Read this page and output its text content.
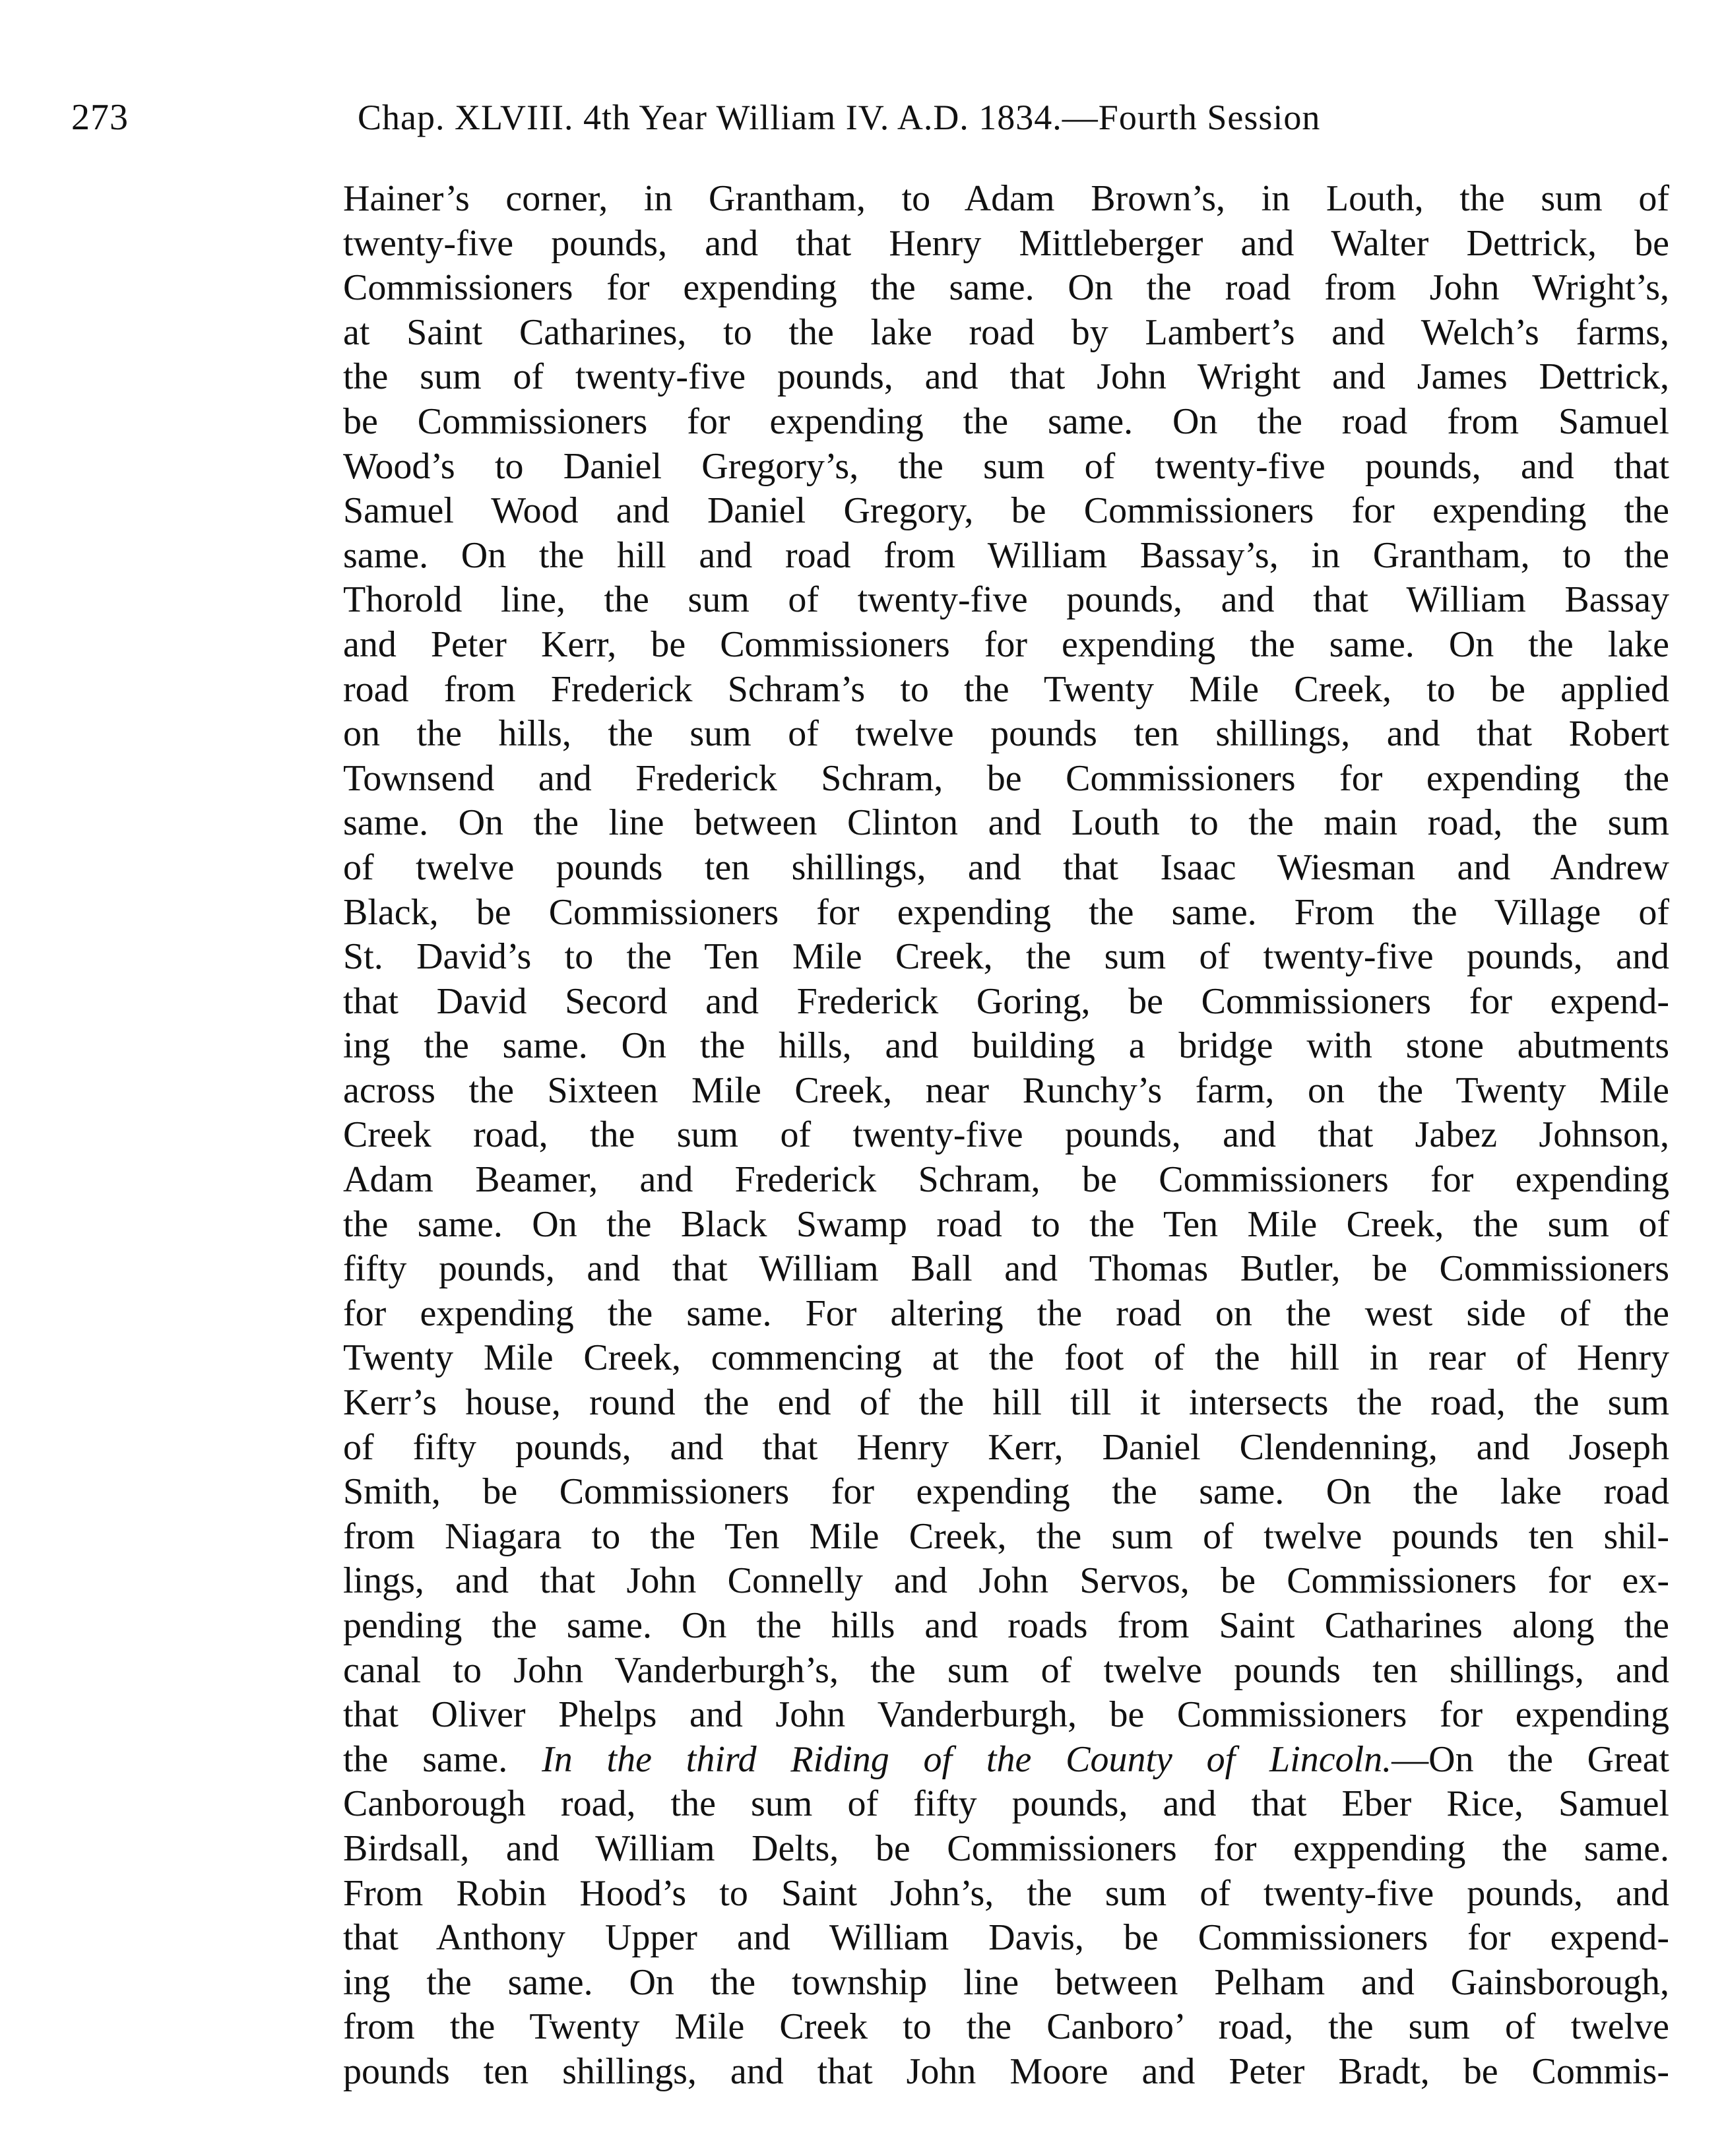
273	Chap. XLVIII. 4th Year William IV. A.D. 1834.—Fourth Session
Hainer’s corner, in Grantham, to Adam Brown’s, in Louth, the sum of
twenty-five pounds, and that Henry Mittleberger and Walter Dettrick, be
Commissioners for expending the same. On the road from John Wright’s,
at Saint Catharines, to the lake road by Lambert’s and Welch’s farms,
the sum of twenty-five pounds, and that John Wright and James Dettrick,
be Commissioners for expending the same. On the road from Samuel
Wood’s to Daniel Gregory’s, the sum of twenty-five pounds, and that
Samuel Wood and Daniel Gregory, be Commissioners for expending the
same. On the hill and road from William Bassay’s, in Grantham, to the
Thorold line, the sum of twenty-five pounds, and that William Bassay
and Peter Kerr, be Commissioners for expending the same. On the lake
road from Frederick Schram’s to the Twenty Mile Creek, to be applied
on the hills, the sum of twelve pounds ten shillings, and that Robert
Townsend and Frederick Schram, be Commissioners for expending the
same. On the line between Clinton and Louth to the main road, the sum
of twelve pounds ten shillings, and that Isaac Wiesman and Andrew
Black, be Commissioners for expending the same. From the Village of
St. David’s to the Ten Mile Creek, the sum of twenty-five pounds, and
that David Secord and Frederick Goring, be Commissioners for expend-
ing the same. On the hills, and building a bridge with stone abutments
across the Sixteen Mile Creek, near Runchy’s farm, on the Twenty Mile
Creek road, the sum of twenty-five pounds, and that Jabez Johnson,
Adam Beamer, and Frederick Schram, be Commissioners for expending
the same. On the Black Swamp road to the Ten Mile Creek, the sum of
fifty pounds, and that William Ball and Thomas Butler, be Commissioners
for expending the same. For altering the road on the west side of the
Twenty Mile Creek, commencing at the foot of the hill in rear of Henry
Kerr’s house, round the end of the hill till it intersects the road, the sum
of fifty pounds, and that Henry Kerr, Daniel Clendenning, and Joseph
Smith, be Commissioners for expending the same. On the lake road
from Niagara to the Ten Mile Creek, the sum of twelve pounds ten shil-
lings, and that John Connelly and John Servos, be Commissioners for ex-
pending the same. On the hills and roads from Saint Catharines along the
canal to John Vanderburgh’s, the sum of twelve pounds ten shillings, and
that Oliver Phelps and John Vanderburgh, be Commissioners for expending
the same. In the third Riding of the County of Lincoln.—On the Great
Canborough road, the sum of fifty pounds, and that Eber Rice, Samuel
Birdsall, and William Delts, be Commissioners for exppending the same.
From Robin Hood’s to Saint John’s, the sum of twenty-five pounds, and
that Anthony Upper and William Davis, be Commissioners for expend-
ing the same. On the township line between Pelham and Gainsborough,
from the Twenty Mile Creek to the Canboro’ road, the sum of twelve
pounds ten shillings, and that John Moore and Peter Bradt, be Commis-
